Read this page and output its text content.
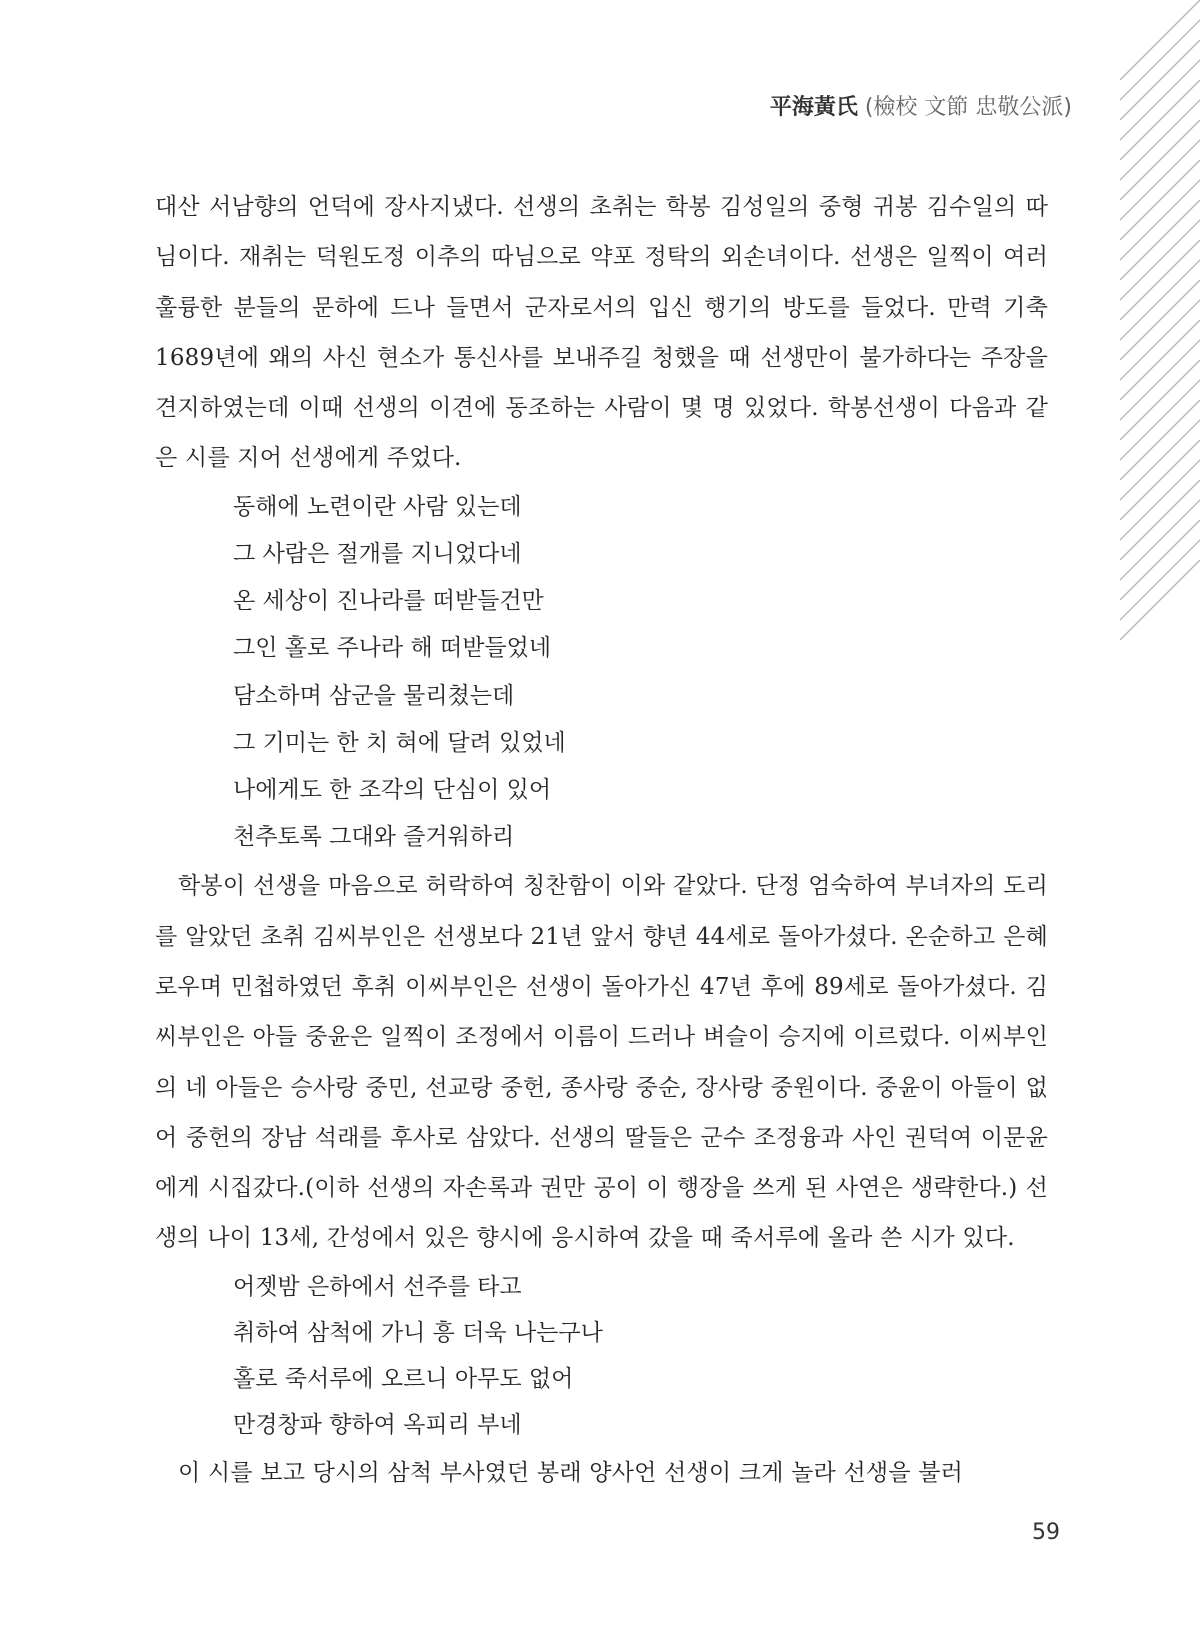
平海黃氏 (檢校 文節 忠敬公派)

대산 서남향의 언덕에 장사지냈다. 선생의 초취는 학봉 김성일의 중형 귀봉 김수일의 따님이다. 재취는 덕원도정 이추의 따님으로 약포 정탁의 외손녀이다. 선생은 일찍이 여러 훌륭한 분들의 문하에 드나 들면서 군자로서의 입신 행기의 방도를 들었다. 만력 기축 1689년에 왜의 사신 현소가 통신사를 보내주길 청했을 때 선생만이 불가하다는 주장을 견지하였는데 이때 선생의 이견에 동조하는 사람이 몇 명 있었다. 학봉선생이 다음과 같은 시를 지어 선생에게 주었다.

동해에 노련이란 사람 있는데
그 사람은 절개를 지니었다네
온 세상이 진나라를 떠받들건만
그인 홀로 주나라 해 떠받들었네
담소하며 삼군을 물리쳤는데
그 기미는 한 치 혀에 달려 있었네
나에게도 한 조각의 단심이 있어
천추토록 그대와 즐거워하리

학봉이 선생을 마음으로 허락하여 칭찬함이 이와 같았다. 단정 엄숙하여 부녀자의 도리를 알았던 초취 김씨부인은 선생보다 21년 앞서 향년 44세로 돌아가셨다. 온순하고 은혜로우며 민첩하였던 후취 이씨부인은 선생이 돌아가신 47년 후에 89세로 돌아가셨다. 김씨부인은 아들 중윤은 일찍이 조정에서 이름이 드러나 벼슬이 승지에 이르렀다. 이씨부인의 네 아들은 승사랑 중민, 선교랑 중헌, 종사랑 중순, 장사랑 중원이다. 중윤이 아들이 없어 중헌의 장남 석래를 후사로 삼았다. 선생의 딸들은 군수 조정융과 사인 권덕여 이문윤에게 시집갔다.(이하 선생의 자손록과 권만 공이 이 행장을 쓰게 된 사연은 생략한다.) 선생의 나이 13세, 간성에서 있은 향시에 응시하여 갔을 때 죽서루에 올라 쓴 시가 있다.

어젯밤 은하에서 선주를 타고
취하여 삼척에 가니 흥 더욱 나는구나
홀로 죽서루에 오르니 아무도 없어
만경창파 향하여 옥피리 부네

이 시를 보고 당시의 삼척 부사였던 봉래 양사언 선생이 크게 놀라 선생을 불러

59
